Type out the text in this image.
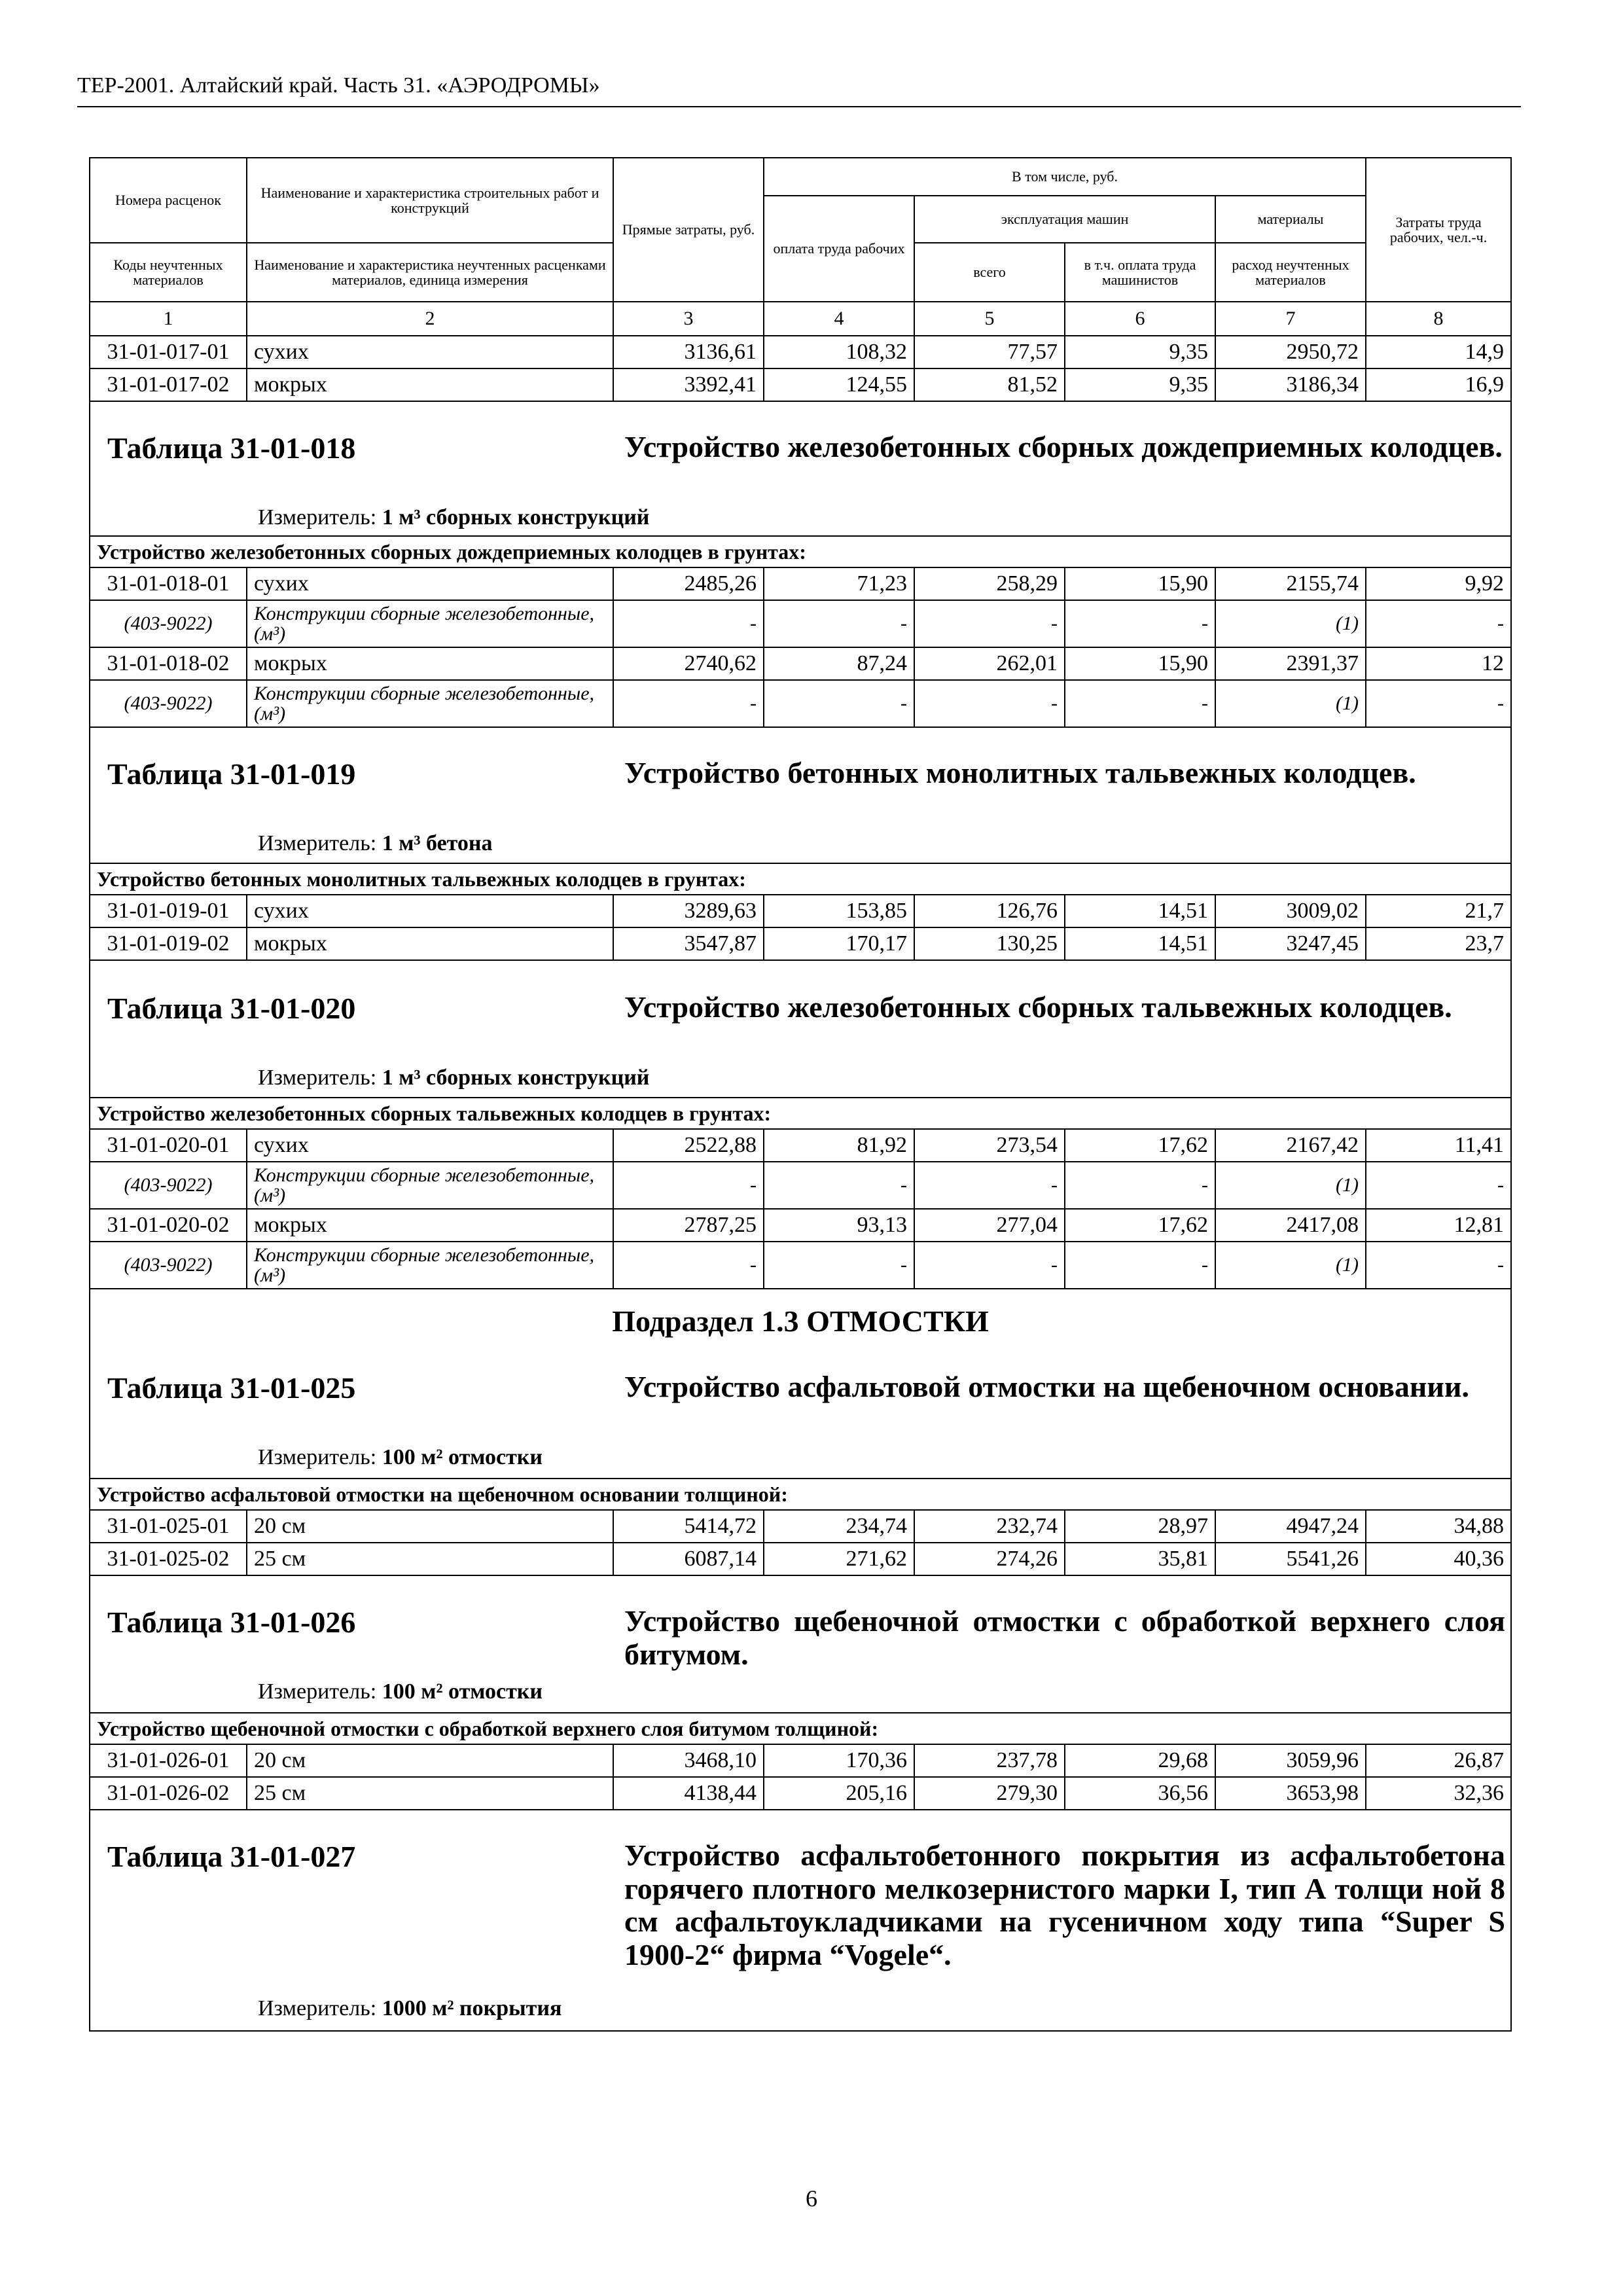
ТЕР-2001. Алтайский край. Часть 31. «АЭРОДРОМЫ»
Номера расценок	Наименование и характеристика строительных работ и конструкций	Прямые затраты, руб.	В том числе, руб.				Затраты труда рабочих, чел.-ч.
			оплата труда рабочих	эксплуатация машин		материалы	
Коды неучтенных материалов	Наименование и характеристика неучтенных расценками материалов, единица измерения			всего	в т.ч. оплата труда машинистов	расход неучтенных материалов	
1	2	3	4	5	6	7	8
31-01-017-01	сухих	3136,61	108,32	77,57	9,35	2950,72	14,9
31-01-017-02	мокрых	3392,41	124,55	81,52	9,35	3186,34	16,9

Таблица 31-01-018 Устройство железобетонных сборных дождеприемных колодцев.
Измеритель: 1 м³ сборных конструкций							

Устройство железобетонных сборных дождеприемных колодцев в грунтах:							
31-01-018-01	сухих	2485,26	71,23	258,29	15,90	2155,74	9,92
(403-9022)	Конструкции сборные железобетонные, (м³)	-	-	-	-	(1)	-
31-01-018-02	мокрых	2740,62	87,24	262,01	15,90	2391,37	12
(403-9022)	Конструкции сборные железобетонные, (м³)	-	-	-	-	(1)	-

Таблица 31-01-019 Устройство бетонных монолитных тальвежных колодцев.
Измеритель: 1 м³ бетона							

Устройство бетонных монолитных тальвежных колодцев в грунтах:							
31-01-019-01	сухих	3289,63	153,85	126,76	14,51	3009,02	21,7
31-01-019-02	мокрых	3547,87	170,17	130,25	14,51	3247,45	23,7

Таблица 31-01-020 Устройство железобетонных сборных тальвежных колодцев.
Измеритель: 1 м³ сборных конструкций							

Устройство железобетонных сборных тальвежных колодцев в грунтах:							
31-01-020-01	сухих	2522,88	81,92	273,54	17,62	2167,42	11,41
(403-9022)	Конструкции сборные железобетонные, (м³)	-	-	-	-	(1)	-
31-01-020-02	мокрых	2787,25	93,13	277,04	17,62	2417,08	12,81
(403-9022)	Конструкции сборные железобетонные, (м³)	-	-	-	-	(1)	-

Подраздел 1.3 ОТМОСТКИ
Таблица 31-01-025 Устройство асфальтовой отмостки на щебеночном основании.
Измеритель: 100 м² отмостки							

Устройство асфальтовой отмостки на щебеночном основании толщиной:							
31-01-025-01	20 см	5414,72	234,74	232,74	28,97	4947,24	34,88
31-01-025-02	25 см	6087,14	271,62	274,26	35,81	5541,26	40,36

Таблица 31-01-026 Устройство щебеночной отмостки с обработкой верхнего слоя битумом.
Измеритель: 100 м² отмостки							

Устройство щебеночной отмостки с обработкой верхнего слоя битумом толщиной:							
31-01-026-01	20 см	3468,10	170,36	237,78	29,68	3059,96	26,87
31-01-026-02	25 см	4138,44	205,16	279,30	36,56	3653,98	32,36

Таблица 31-01-027 Устройство асфальтобетонного покрытия из асфальтобетона горячего плотного мелкозернистого марки I, тип А толщи ной 8 см асфальтоукладчиками на гусеничном ходу типа “Super S 1900-2“ фирма “Vogele“.
Измеритель: 1000 м² покрытия							
6
